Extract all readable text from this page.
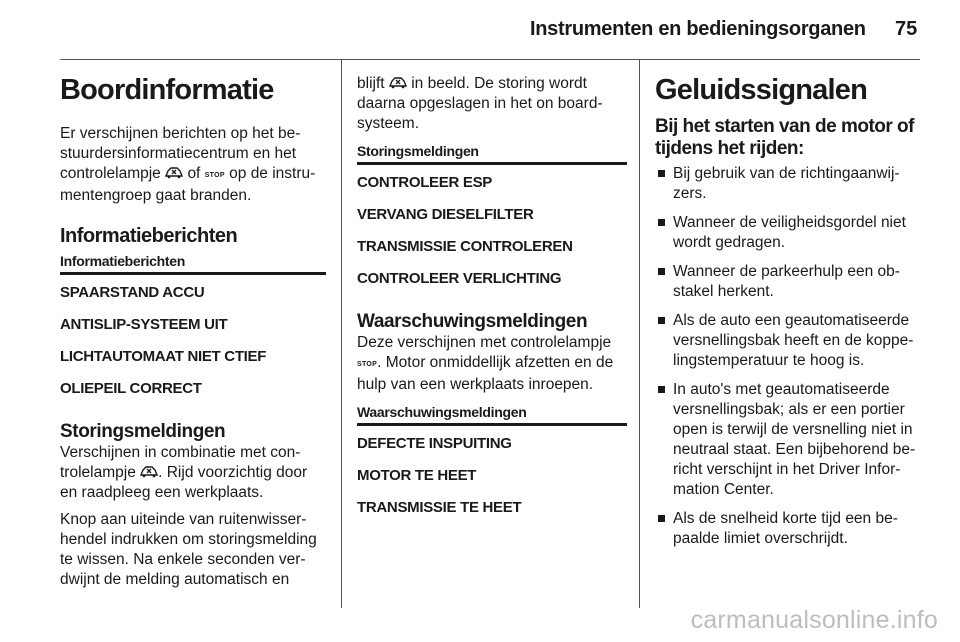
Instrumenten en bedieningsorganen 75
Boordinformatie

Er verschijnen berichten op het be-stuurdersinformatiecentrum en het controlelampje of STOP op de instru-mentengroep gaat branden.

Informatieberichten
Informatieberichten
SPAARSTAND ACCU
ANTISLIP-SYSTEEM UIT
LICHTAUTOMAAT NIET CTIEF
OLIEPEIL CORRECT
Storingsmeldingen

Verschijnen in combinatie met con-trolelampje . Rijd voorzichtig door en raadpleeg een werkplaats.

Knop aan uiteinde van ruitenwisser-hendel indrukken om storingsmelding te wissen. Na enkele seconden ver-dwijnt de melding automatisch en

blijft in beeld. De storing wordt daarna opgeslagen in het on board-systeem.

Storingsmeldingen
CONTROLEER ESP
VERVANG DIESELFILTER
TRANSMISSIE CONTROLEREN
CONTROLEER VERLICHTING
Waarschuwingsmeldingen

Deze verschijnen met controlelampje STOP. Motor onmiddellijk afzetten en de hulp van een werkplaats inroepen.

Waarschuwingsmeldingen
DEFECTE INSPUITING
MOTOR TE HEET
TRANSMISSIE TE HEET
Geluidssignalen
Bij het starten van de motor of tijdens het rijden:
Bij gebruik van de richtingaanwij-zers.
Wanneer de veiligheidsgordel niet wordt gedragen.
Wanneer de parkeerhulp een ob-stakel herkent.
Als de auto een geautomatiseerde versnellingsbak heeft en de koppe-lingstemperatuur te hoog is.
In auto's met geautomatiseerde versnellingsbak; als er een portier open is terwijl de versnelling niet in neutraal staat. Een bijbehorend be-richt verschijnt in het Driver Infor-mation Center.
Als de snelheid korte tijd een be-paalde limiet overschrijdt.
carmanualsonline.info
